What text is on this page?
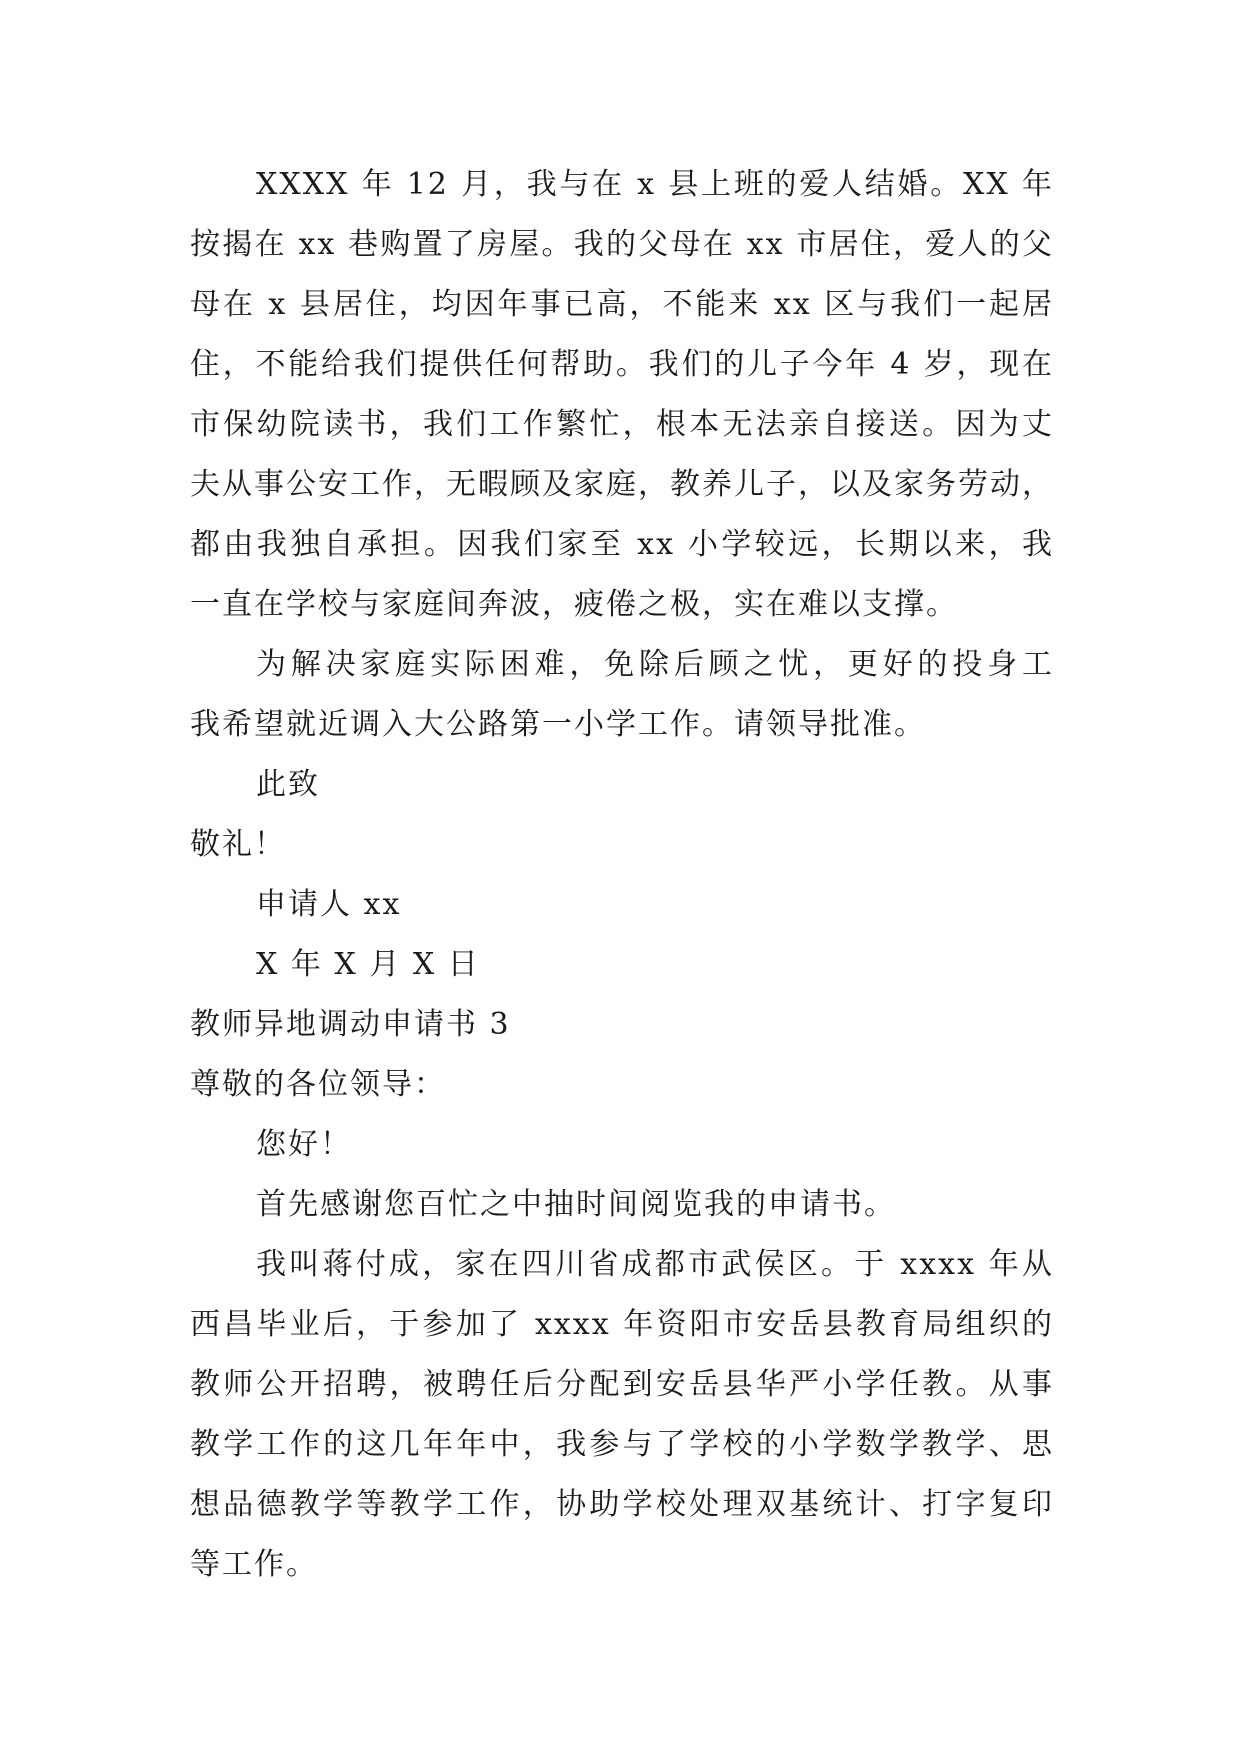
XXXX 年 12 月，我与在 x 县上班的爱人结婚。XX 年
按揭在 xx 巷购置了房屋。我的父母在 xx 市居住，爱人的父
母在 x 县居住，均因年事已高，不能来 xx 区与我们一起居
住，不能给我们提供任何帮助。我们的儿子今年 4 岁，现在
市保幼院读书，我们工作繁忙，根本无法亲自接送。因为丈
夫从事公安工作，无暇顾及家庭，教养儿子，以及家务劳动，
都由我独自承担。因我们家至 xx 小学较远，长期以来，我
一直在学校与家庭间奔波，疲倦之极，实在难以支撑。
为解决家庭实际困难，免除后顾之忧，更好的投身工
我希望就近调入大公路第一小学工作。请领导批准。
此致
敬礼！
申请人 xx
X 年 X 月 X 日
教师异地调动申请书 3
尊敬的各位领导：
您好！
首先感谢您百忙之中抽时间阅览我的申请书。
我叫蒋付成，家在四川省成都市武侯区。于 xxxx 年从
西昌毕业后，于参加了 xxxx 年资阳市安岳县教育局组织的
教师公开招聘，被聘任后分配到安岳县华严小学任教。从事
教学工作的这几年年中，我参与了学校的小学数学教学、思
想品德教学等教学工作，协助学校处理双基统计、打字复印
等工作。
